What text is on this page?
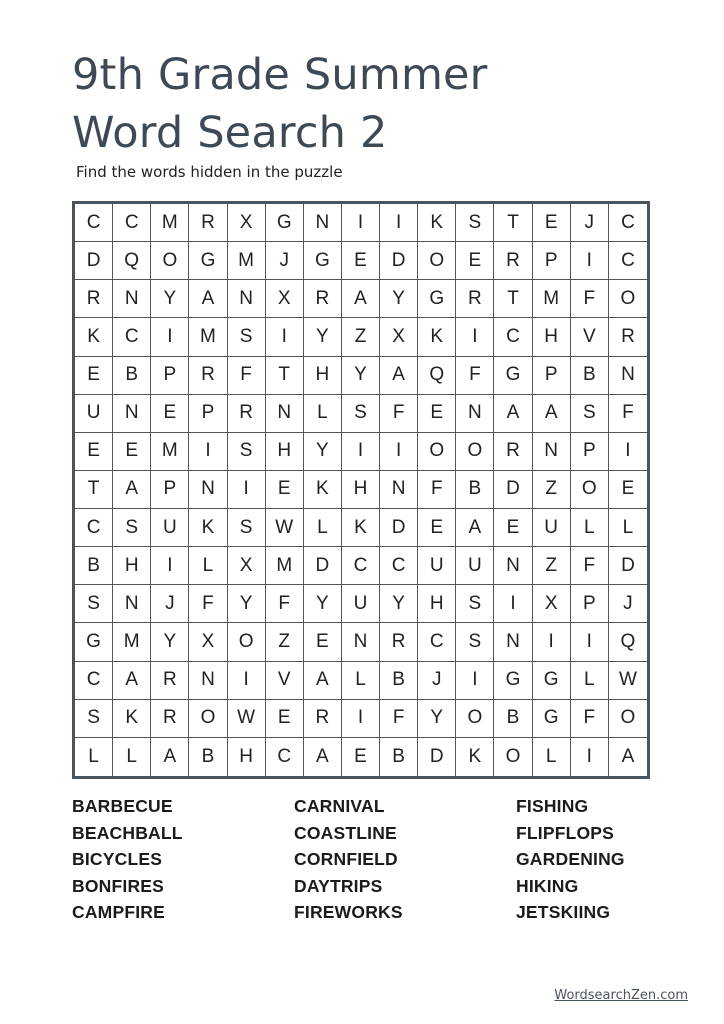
9th Grade Summer
Word Search 2
Find the words hidden in the puzzle
C	C	M	R	X	G	N	I	I	K	S	T	E	J	C
D	Q	O	G	M	J	G	E	D	O	E	R	P	I	C
R	N	Y	A	N	X	R	A	Y	G	R	T	M	F	O
K	C	I	M	S	I	Y	Z	X	K	I	C	H	V	R
E	B	P	R	F	T	H	Y	A	Q	F	G	P	B	N
U	N	E	P	R	N	L	S	F	E	N	A	A	S	F
E	E	M	I	S	H	Y	I	I	O	O	R	N	P	I
T	A	P	N	I	E	K	H	N	F	B	D	Z	O	E
C	S	U	K	S	W	L	K	D	E	A	E	U	L	L
B	H	I	L	X	M	D	C	C	U	U	N	Z	F	D
S	N	J	F	Y	F	Y	U	Y	H	S	I	X	P	J
G	M	Y	X	O	Z	E	N	R	C	S	N	I	I	Q
C	A	R	N	I	V	A	L	B	J	I	G	G	L	W
S	K	R	O	W	E	R	I	F	Y	O	B	G	F	O
L	L	A	B	H	C	A	E	B	D	K	O	L	I	A
BARBECUE	CARNIVAL	FISHING
BEACHBALL	COASTLINE	FLIPFLOPS
BICYCLES	CORNFIELD	GARDENING
BONFIRES	DAYTRIPS	HIKING
CAMPFIRE	FIREWORKS	JETSKIING
WordsearchZen.com
